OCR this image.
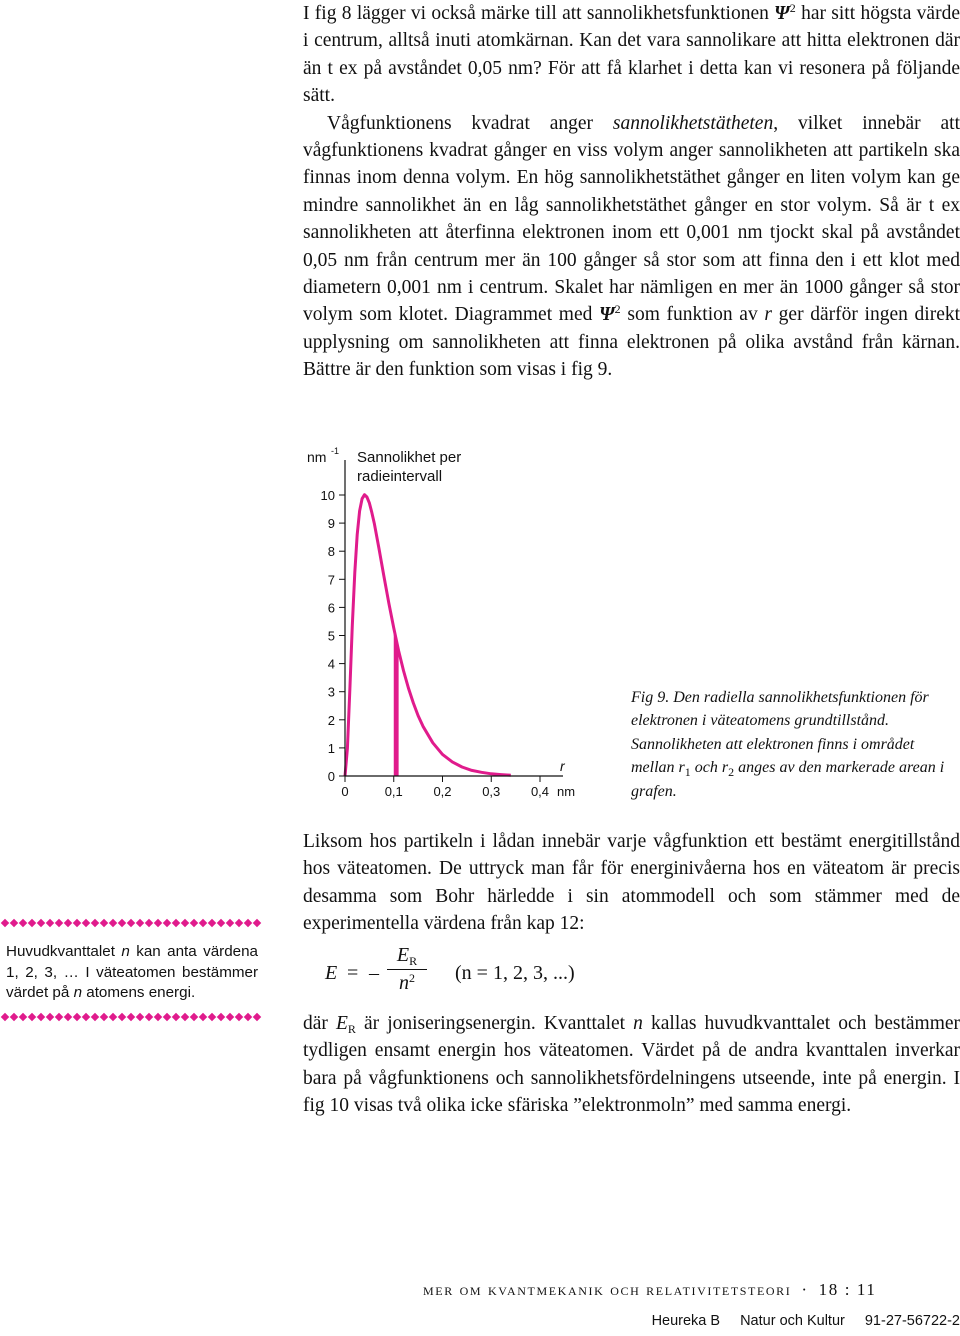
I fig 8 lägger vi också märke till att sannolikhetsfunktionen $\Psi^2$ har sitt högsta värde i centrum, alltså inuti atomkärnan. Kan det vara sannolikare att hitta elektronen där än t ex på avståndet 0,05 nm? För att få klarhet i detta kan vi resonera på följande sätt.

Vågfunktionens kvadrat anger sannolikhetstätheten, vilket innebär att vågfunktionens kvadrat gånger en viss volym anger sannolikheten att partikeln ska finnas inom denna volym. En hög sannolikhetstäthet gånger en liten volym kan ge mindre sannolikhet än en låg sannolikhetstäthet gånger en stor volym. Så är t ex sannolikheten att återfinna elektronen inom ett 0,001 nm tjockt skal på avståndet 0,05 nm från centrum mer än 100 gånger så stor som att finna den i ett klot med diametern 0,001 nm i centrum. Skalet har nämligen en mer än 1000 gånger så stor volym som klotet. Diagrammet med $\Psi^2$ som funktion av r ger därför ingen direkt upplysning om sannolikheten att finna elektronen på olika avstånd från kärnan. Bättre är den funktion som visas i fig 9.

0
1
2
3
4
5
6
7
8
9
10
0	0,1 0,2 0,3 0,4
nm -1 Sannolikhet per
radieintervall
r
nm
Fig 9. Den radiella sannolikhetsfunktionen för elektronen i väteatomens grundtillstånd. Sannolikheten att elektronen finns i området mellan $r_1$ och $r_2$ anges av den markerade arean i grafen.
Huvudkvanttalet n kan anta värdena 1, 2, 3, … I väteatomen bestämmer värdet på n atomens energi.

Liksom hos partikeln i lådan innebär varje vågfunktion ett bestämt energitillstånd hos väteatomen. De uttryck man får för energinivåerna hos en väteatom är precis desamma som Bohr härledde i sin atommodell och som stämmer med de experimentella värdena från kap 12:

E = – $\frac{E_R}{n^2} (n = 1$, 2, 3, ...)

där $E_R$ är joniseringsenergin. Kvanttalet n kallas huvudkvanttalet och bestämmer tydligen ensamt energin hos väteatomen. Värdet på de andra kvanttalen inverkar bara på vågfunktionens och sannolikhetsfördelningens utseende, inte på energin. I fig 10 visas två olika icke sfäriska ”elektronmoln” med samma energi.

mer om kvantmekanik och relativitetsteori · 18 : 11
Heureka B Natur och Kultur 91-27-56722-2
